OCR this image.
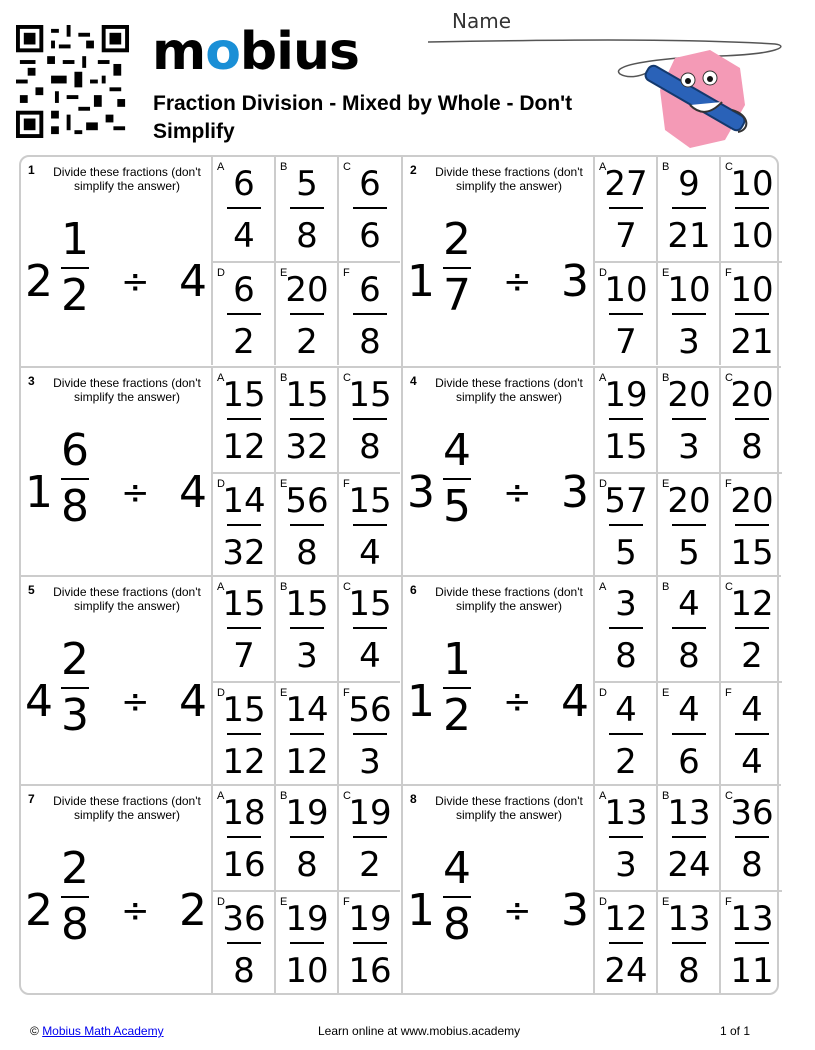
mobius
Fraction Division - Mixed by Whole - Don't Simplify
Name
1	Divide these fractions (don't simplify the answer)
2
1
2 ÷ 4
A 6
4
B 5
8
C 6
6
D 6
2
E
20
2
F 6
8
2	Divide these fractions (don't simplify the answer)
1
2
7 ÷ 3
A
27
7
B 9
21
C
10
10
D
10
7
E
10
3
F
10
21
3	Divide these fractions (don't simplify the answer)
1
6
8 ÷ 4
A
15
12
B
15
32
C
15
8
D
14
32
E
56
8
F
15
4
4	Divide these fractions (don't simplify the answer)
3
4
5 ÷ 3
A
19
15
B
20
3
C
20
8
D
57
5
E
20
5
F
20
15
5	Divide these fractions (don't simplify the answer)
4
2
3 ÷ 4
A
15
7
B
15
3
C
15
4
D
15
12
E
14
12
F
56
3
6	Divide these fractions (don't simplify the answer)
1
1
2 ÷ 4
A 3
8
B 4
8
C
12
2
D 4
2
E 4
6
F 4
4
7	Divide these fractions (don't simplify the answer)
2
2
8 ÷ 2
A
18
16
B
19
8
C
19
2
D
36
8
E
19
10
F
19
16
8	Divide these fractions (don't simplify the answer)
1
4
8 ÷ 3
A
13
3
B
13
24
C
36
8
D
12
24
E
13
8
F
13
11
© Mobius Math Academy	Learn online at www.mobius.academy	1 of 1
